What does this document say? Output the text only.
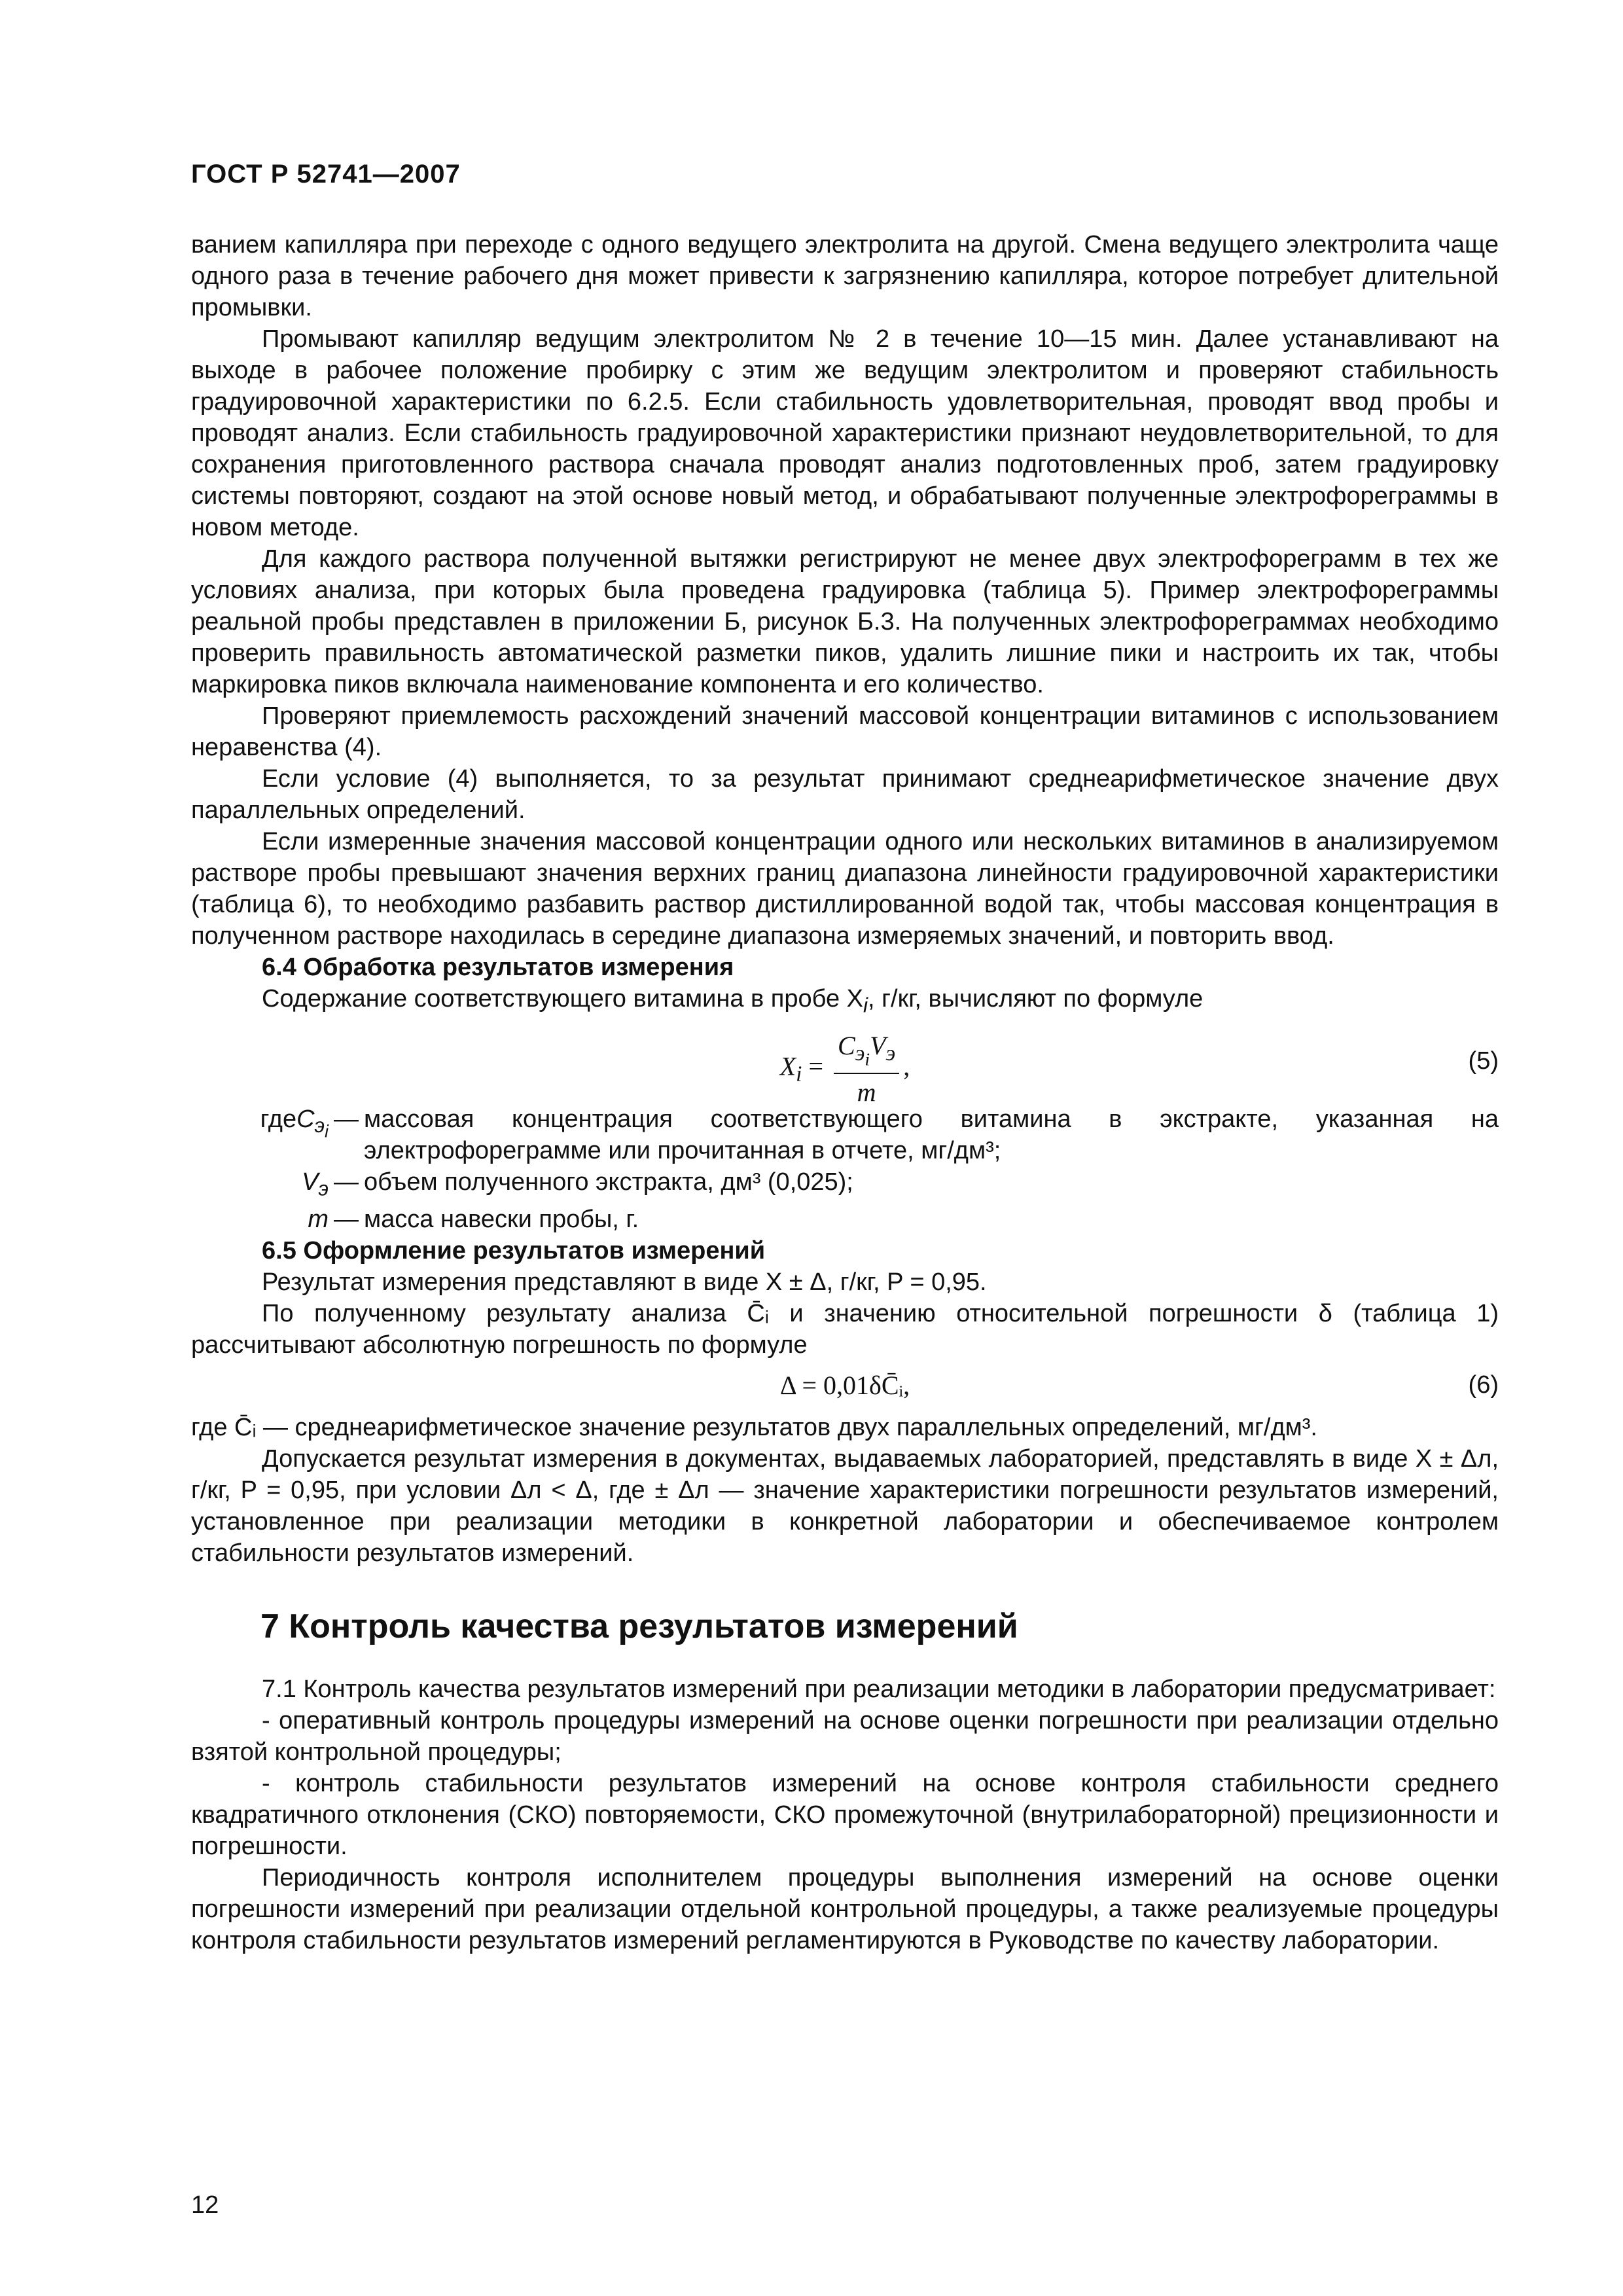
ГОСТ Р 52741—2007

ванием капилляра при переходе с одного ведущего электролита на другой. Смена ведущего электролита чаще одного раза в течение рабочего дня может привести к загрязнению капилляра, которое потребует длительной промывки.

Промывают капилляр ведущим электролитом № 2 в течение 10—15 мин. Далее устанавливают на выходе в рабочее положение пробирку с этим же ведущим электролитом и проверяют стабильность градуировочной характеристики по 6.2.5. Если стабильность удовлетворительная, проводят ввод пробы и проводят анализ. Если стабильность градуировочной характеристики признают неудовлетворительной, то для сохранения приготовленного раствора сначала проводят анализ подготовленных проб, затем градуировку системы повторяют, создают на этой основе новый метод, и обрабатывают полученные электрофореграммы в новом методе.

Для каждого раствора полученной вытяжки регистрируют не менее двух электрофореграмм в тех же условиях анализа, при которых была проведена градуировка (таблица 5). Пример электрофореграммы реальной пробы представлен в приложении Б, рисунок Б.3. На полученных электрофореграммах необходимо проверить правильность автоматической разметки пиков, удалить лишние пики и настроить их так, чтобы маркировка пиков включала наименование компонента и его количество.

Проверяют приемлемость расхождений значений массовой концентрации витаминов с использованием неравенства (4).

Если условие (4) выполняется, то за результат принимают среднеарифметическое значение двух параллельных определений.

Если измеренные значения массовой концентрации одного или нескольких витаминов в анализируемом растворе пробы превышают значения верхних границ диапазона линейности градуировочной характеристики (таблица 6), то необходимо разбавить раствор дистиллированной водой так, чтобы массовая концентрация в полученном растворе находилась в середине диапазона измеряемых значений, и повторить ввод.

6.4 Обработка результатов измерения

Содержание соответствующего витамина в пробе $X_i$, г/кг, вычисляют по формуле

$X_i = \frac{C_{э_i}V_э}{m}$ ,	(5)
гдеC$_{э_i}$ — массовая концентрация соответствующего витамина в экстракте, указанная на электрофореграмме или прочитанная в отчете, мг/дм³;
$V_э$ — объем полученного экстракта, дм³ (0,025);
m — масса навески пробы, г.

6.5 Оформление результатов измерений

Результат измерения представляют в виде X ± Δ, г/кг, P = 0,95.

По полученному результату анализа C̄ᵢ и значению относительной погрешности δ (таблица 1) рассчитывают абсолютную погрешность по формуле

Δ = 0,01δC̄ᵢ,	(6)

где C̄ᵢ — среднеарифметическое значение результатов двух параллельных определений, мг/дм³.

Допускается результат измерения в документах, выдаваемых лабораторией, представлять в виде X ± Δл, г/кг, P = 0,95, при условии Δл < Δ, где ± Δл — значение характеристики погрешности результатов измерений, установленное при реализации методики в конкретной лаборатории и обеспечиваемое контролем стабильности результатов измерений.

7 Контроль качества результатов измерений

7.1 Контроль качества результатов измерений при реализации методики в лаборатории предусматривает:

- оперативный контроль процедуры измерений на основе оценки погрешности при реализации отдельно взятой контрольной процедуры;

- контроль стабильности результатов измерений на основе контроля стабильности среднего квадратичного отклонения (СКО) повторяемости, СКО промежуточной (внутрилабораторной) прецизионности и погрешности.

Периодичность контроля исполнителем процедуры выполнения измерений на основе оценки погрешности измерений при реализации отдельной контрольной процедуры, а также реализуемые процедуры контроля стабильности результатов измерений регламентируются в Руководстве по качеству лаборатории.

12
